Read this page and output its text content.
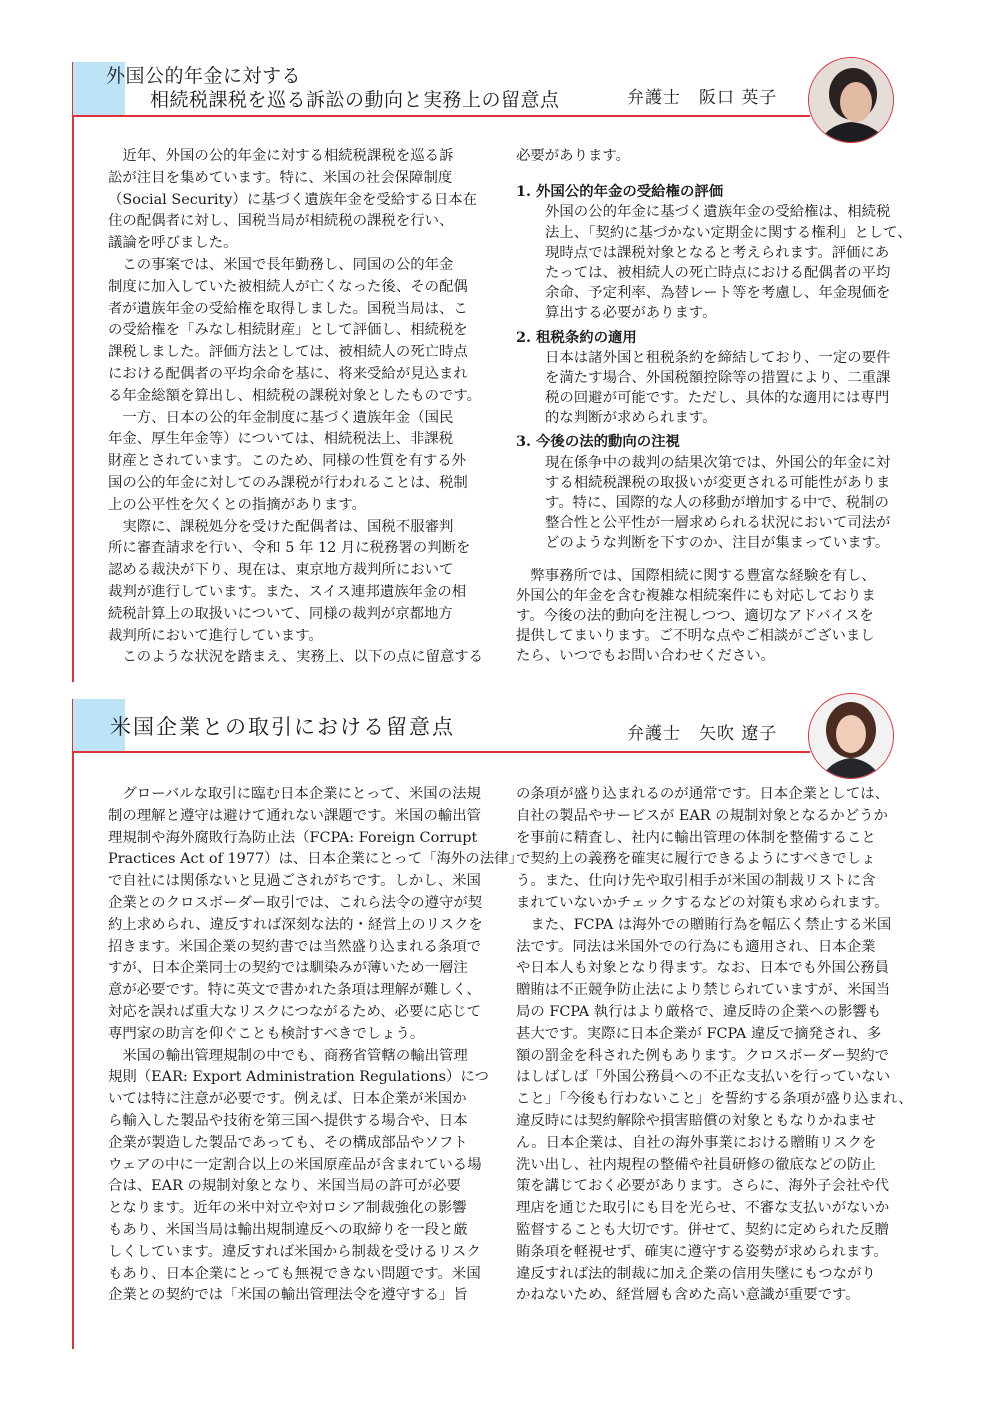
外国公的年金に対する
相続税課税を巡る訴訟の動向と実務上の留意点	弁護士　阪口 英子
　近年、外国の公的年金に対する相続税課税を巡る訴
訟が注目を集めています。特に、米国の社会保障制度
（Social Security）に基づく遺族年金を受給する日本在
住の配偶者に対し、国税当局が相続税の課税を行い、
議論を呼びました。
　この事案では、米国で長年勤務し、同国の公的年金
制度に加入していた被相続人が亡くなった後、その配偶
者が遺族年金の受給権を取得しました。国税当局は、こ
の受給権を「みなし相続財産」として評価し、相続税を
課税しました。評価方法としては、被相続人の死亡時点
における配偶者の平均余命を基に、将来受給が見込まれ
る年金総額を算出し、相続税の課税対象としたものです。
　一方、日本の公的年金制度に基づく遺族年金（国民
年金、厚生年金等）については、相続税法上、非課税
財産とされています。このため、同様の性質を有する外
国の公的年金に対してのみ課税が行われることは、税制
上の公平性を欠くとの指摘があります。
　実際に、課税処分を受けた配偶者は、国税不服審判
所に審査請求を行い、令和 5 年 12 月に税務署の判断を
認める裁決が下り、現在は、東京地方裁判所において
裁判が進行しています。また、スイス連邦遺族年金の相
続税計算上の取扱いについて、同様の裁判が京都地方
裁判所において進行しています。
　このような状況を踏まえ、実務上、以下の点に留意する
必要があります。
1. 外国公的年金の受給権の評価
外国の公的年金に基づく遺族年金の受給権は、相続税
法上、「契約に基づかない定期金に関する権利」として、
現時点では課税対象となると考えられます。評価にあ
たっては、被相続人の死亡時点における配偶者の平均
余命、予定利率、為替レート等を考慮し、年金現価を
算出する必要があります。
2. 租税条約の適用
日本は諸外国と租税条約を締結しており、一定の要件
を満たす場合、外国税額控除等の措置により、二重課
税の回避が可能です。ただし、具体的な適用には専門
的な判断が求められます。
3. 今後の法的動向の注視
現在係争中の裁判の結果次第では、外国公的年金に対
する相続税課税の取扱いが変更される可能性がありま
す。特に、国際的な人の移動が増加する中で、税制の
整合性と公平性が一層求められる状況において司法が
どのような判断を下すのか、注目が集まっています。
　弊事務所では、国際相続に関する豊富な経験を有し、
外国公的年金を含む複雑な相続案件にも対応しておりま
す。今後の法的動向を注視しつつ、適切なアドバイスを
提供してまいります。ご不明な点やご相談がございまし
たら、いつでもお問い合わせください。
米国企業との取引における留意点	弁護士　矢吹 遼子
　グローバルな取引に臨む日本企業にとって、米国の法規
制の理解と遵守は避けて通れない課題です。米国の輸出管
理規制や海外腐敗行為防止法（FCPA: Foreign Corrupt
Practices Act of 1977）は、日本企業にとって「海外の法律」
で自社には関係ないと見過ごされがちです。しかし、米国
企業とのクロスボーダー取引では、これら法令の遵守が契
約上求められ、違反すれば深刻な法的・経営上のリスクを
招きます。米国企業の契約書では当然盛り込まれる条項で
すが、日本企業同士の契約では馴染みが薄いため一層注
意が必要です。特に英文で書かれた条項は理解が難しく、
対応を誤れば重大なリスクにつながるため、必要に応じて
専門家の助言を仰ぐことも検討すべきでしょう。
　米国の輸出管理規制の中でも、商務省管轄の輸出管理
規則（EAR: Export Administration Regulations）につ
いては特に注意が必要です。例えば、日本企業が米国か
ら輸入した製品や技術を第三国へ提供する場合や、日本
企業が製造した製品であっても、その構成部品やソフト
ウェアの中に一定割合以上の米国原産品が含まれている場
合は、EAR の規制対象となり、米国当局の許可が必要
となります。近年の米中対立や対ロシア制裁強化の影響
もあり、米国当局は輸出規制違反への取締りを一段と厳
しくしています。違反すれば米国から制裁を受けるリスク
もあり、日本企業にとっても無視できない問題です。米国
企業との契約では「米国の輸出管理法令を遵守する」旨
の条項が盛り込まれるのが通常です。日本企業としては、
自社の製品やサービスが EAR の規制対象となるかどうか
を事前に精査し、社内に輸出管理の体制を整備すること
で契約上の義務を確実に履行できるようにすべきでしょ
う。また、仕向け先や取引相手が米国の制裁リストに含
まれていないかチェックするなどの対策も求められます。
　また、FCPA は海外での贈賄行為を幅広く禁止する米国
法です。同法は米国外での行為にも適用され、日本企業
や日本人も対象となり得ます。なお、日本でも外国公務員
贈賄は不正競争防止法により禁じられていますが、米国当
局の FCPA 執行はより厳格で、違反時の企業への影響も
甚大です。実際に日本企業が FCPA 違反で摘発され、多
額の罰金を科された例もあります。クロスボーダー契約で
はしばしば「外国公務員への不正な支払いを行っていない
こと」「今後も行わないこと」を誓約する条項が盛り込まれ、
違反時には契約解除や損害賠償の対象ともなりかねませ
ん。日本企業は、自社の海外事業における贈賄リスクを
洗い出し、社内規程の整備や社員研修の徹底などの防止
策を講じておく必要があります。さらに、海外子会社や代
理店を通じた取引にも目を光らせ、不審な支払いがないか
監督することも大切です。併せて、契約に定められた反贈
賄条項を軽視せず、確実に遵守する姿勢が求められます。
違反すれば法的制裁に加え企業の信用失墜にもつながり
かねないため、経営層も含めた高い意識が重要です。
